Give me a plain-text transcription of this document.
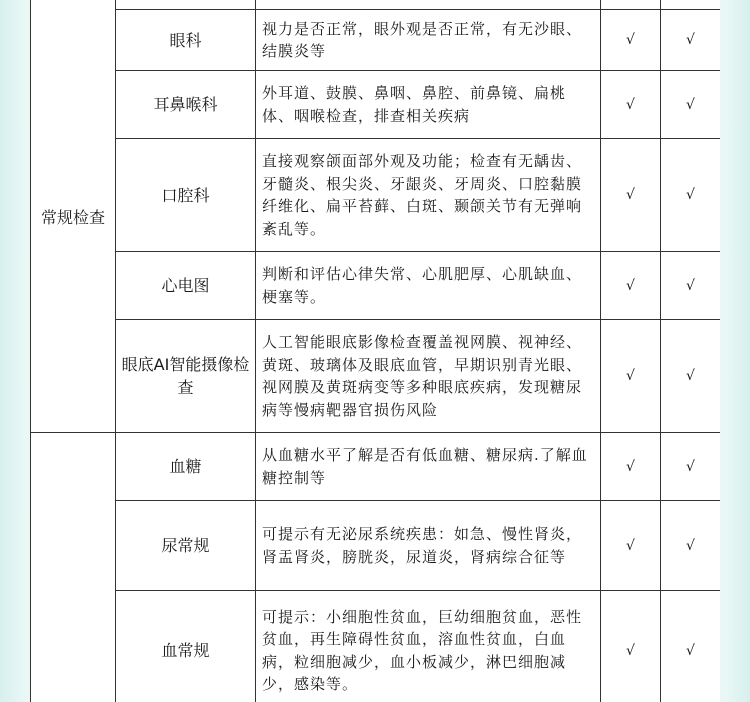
常规检查				
	眼科	视力是否正常，眼外观是否正常，有无沙眼、结膜炎等	√	√
	耳鼻喉科	外耳道、鼓膜、鼻咽、鼻腔、前鼻镜、扁桃体、咽喉检查，排查相关疾病	√	√
	口腔科	直接观察颌面部外观及功能；检查有无龋齿、牙髓炎、根尖炎、牙龈炎、牙周炎、口腔黏膜纤维化、扁平苔藓、白斑、颞颌关节有无弹响紊乱等。	√	√
	心电图	判断和评估心律失常、心肌肥厚、心肌缺血、梗塞等。	√	√
	眼底AI智能摄像检查	人工智能眼底影像检查覆盖视网膜、视神经、黄斑、玻璃体及眼底血管，早期识别青光眼、视网膜及黄斑病变等多种眼底疾病，发现糖尿病等慢病靶器官损伤风险	√	√
	血糖	从血糖水平了解是否有低血糖、糖尿病.了解血糖控制等	√	√
	尿常规	可提示有无泌尿系统疾患：如急、慢性肾炎，肾盂肾炎，膀胱炎，尿道炎，肾病综合征等	√	√
	血常规	可提示：小细胞性贫血，巨幼细胞贫血，恶性贫血，再生障碍性贫血，溶血性贫血，白血病，粒细胞减少，血小板减少，淋巴细胞减少，感染等。	√	√
